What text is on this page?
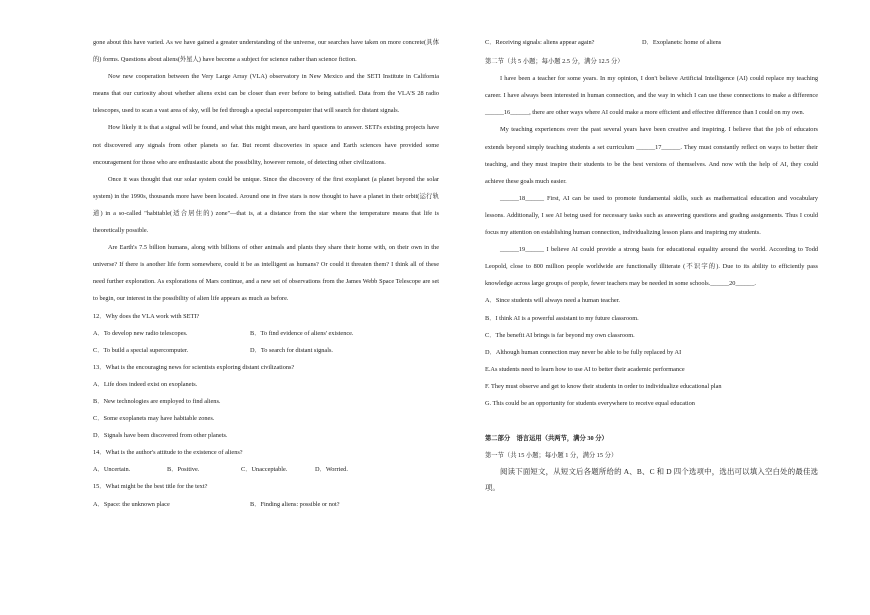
gone about this have varied. As we have gained a greater understanding of the universe, our searches have taken on more concrete(具体的) forms. Questions about aliens(外星人) have become a subject for science rather than science fiction.

Now new cooperation between the Very Large Array (VLA) observatory in New Mexico and the SETI Institute in California means that our curiosity about whether aliens exist can be closer than ever before to being satisfied. Data from the VLA'S 28 radio telescopes, used to scan a vast area of sky, will be fed through a special supercomputer that will search for distant signals.

How likely it is that a signal will be found, and what this might mean, are hard questions to answer. SETI's existing projects have not discovered any signals from other planets so far. But recent discoveries in space and Earth sciences have provided some encouragement for those who are enthusiastic about the possibility, however remote, of detecting other civilizations.

Once it was thought that our solar system could be unique. Since the discovery of the first exoplanet (a planet beyond the solar system) in the 1990s, thousands more have been located. Around one in five stars is now thought to have a planet in their orbit(运行轨道) in a so-called "habitable(适合居住的) zone"—that is, at a distance from the star where the temperature means that life is theoretically possible.

Are Earth's 7.5 billion humans, along with billions of other animals and plants they share their home with, on their own in the universe? If there is another life form somewhere, could it be as intelligent as humans? Or could it threaten them? I think all of these need further exploration. As explorations of Mars continue, and a new set of observations from the James Webb Space Telescope are set to begin, our interest in the possibility of alien life appears as much as before.

12．Why does the VLA work with SETI?

A．To develop new radio telescopes.	B．To find evidence of aliens' existence.
C．To build a special supercomputer.	D．To search for distant signals.

13．What is the encouraging news for scientists exploring distant civilizations?

A．Life does indeed exist on exoplanets.

B．New technologies are employed to find aliens.

C．Some exoplanets may have habitable zones.

D．Signals have been discovered from other planets.

14．What is the author's attitude to the existence of aliens?

A．Uncertain.	B．Positive.	C．Unacceptable.	D．Worried.

15．What might be the best title for the text?

A．Space: the unknown place	B．Finding aliens: possible or not?
C．Receiving signals: aliens appear again?	D．Exoplanets: home of aliens

第二节（共 5 小题；每小题 2.5 分，满分 12.5 分）

I have been a teacher for some years. In my opinion, I don't believe Artificial Intelligence (AI) could replace my teaching career. I have always been interested in human connection, and the way in which I can use these connections to make a difference ______16______, there are other ways where AI could make a more efficient and effective difference than I could on my own.

My teaching experiences over the past several years have been creative and inspiring. I believe that the job of educators extends beyond simply teaching students a set curriculum ______17______. They must constantly reflect on ways to better their teaching, and they must inspire their students to be the best versions of themselves. And now with the help of AI, they could achieve these goals much easier.

______18______ First, AI can be used to promote fundamental skills, such as mathematical education and vocabulary lessons. Additionally, I see AI being used for necessary tasks such as answering questions and grading assignments. Thus I could focus my attention on establishing human connection, individualizing lesson plans and inspiring my students.

______19______ I believe AI could provide a strong basis for educational equality around the world. According to Todd Leopold, close to 800 million people worldwide are functionally illiterate (不识字的). Due to its ability to efficiently pass knowledge across large groups of people, fewer teachers may be needed in some schools.______20______.

A．Since students will always need a human teacher.

B．I think AI is a powerful assistant to my future classroom.

C．The benefit AI brings is far beyond my own classroom.

D．Although human connection may never be able to be fully replaced by AI

E.As students need to learn how to use AI to better their academic performance

F. They must observe and get to know their students in order to individualize educational plan

G. This could be an opportunity for students everywhere to receive equal education

第二部分　语言运用（共两节，满分 30 分）

第一节（共 15 小题；每小题 1 分，满分 15 分）

阅读下面短文，从短文后各题所给的 A、B、C 和 D 四个选项中，选出可以填入空白处的最佳选项。
